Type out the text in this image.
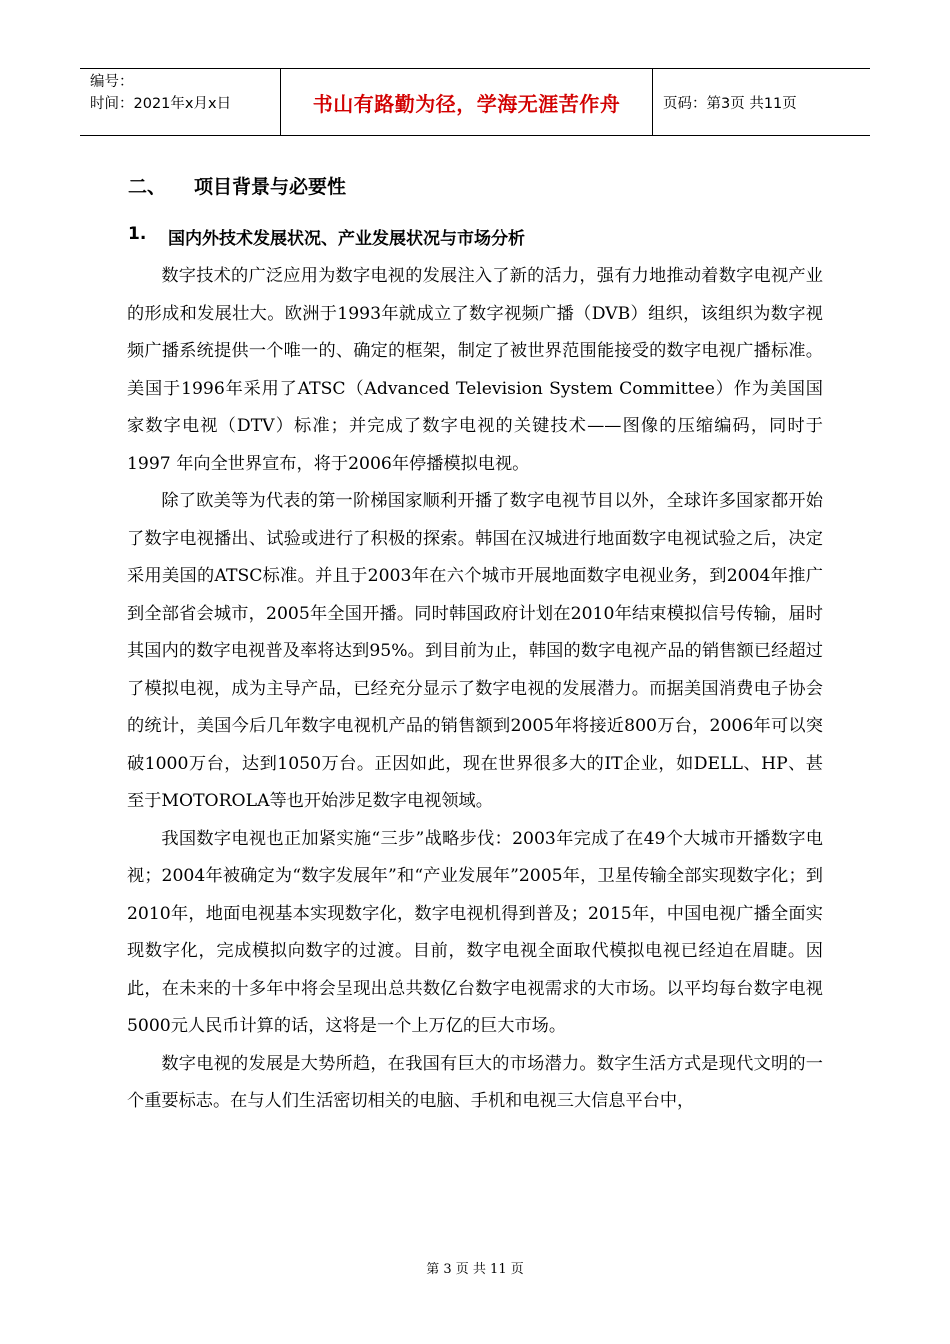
编号：
时间：2021年x月x日	书山有路勤为径，学海无涯苦作舟	页码：第3页 共11页
二、	项目背景与必要性
1.	国内外技术发展状况、产业发展状况与市场分析

数字技术的广泛应用为数字电视的发展注入了新的活力，强有力地推动着数字电视产业的形成和发展壮大。欧洲于1993年就成立了数字视频广播（DVB）组织，该组织为数字视频广播系统提供一个唯一的、确定的框架，制定了被世界范围能接受的数字电视广播标准。美国于1996年采用了ATSC（Advanced Television System Committee）作为美国国家数字电视（DTV）标准；并完成了数字电视的关键技术——图像的压缩编码，同时于1997 年向全世界宣布，将于2006年停播模拟电视。

除了欧美等为代表的第一阶梯国家顺利开播了数字电视节目以外，全球许多国家都开始了数字电视播出、试验或进行了积极的探索。韩国在汉城进行地面数字电视试验之后，决定采用美国的ATSC标准。并且于2003年在六个城市开展地面数字电视业务，到2004年推广到全部省会城市，2005年全国开播。同时韩国政府计划在2010年结束模拟信号传输，届时其国内的数字电视普及率将达到95%。到目前为止，韩国的数字电视产品的销售额已经超过了模拟电视，成为主导产品，已经充分显示了数字电视的发展潜力。而据美国消费电子协会的统计，美国今后几年数字电视机产品的销售额到2005年将接近800万台，2006年可以突破1000万台，达到1050万台。正因如此，现在世界很多大的IT企业，如DELL、HP、甚至于MOTOROLA等也开始涉足数字电视领域。

我国数字电视也正加紧实施“三步”战略步伐：2003年完成了在49个大城市开播数字电视；2004年被确定为“数字发展年”和“产业发展年”2005年，卫星传输全部实现数字化；到2010年，地面电视基本实现数字化，数字电视机得到普及；2015年，中国电视广播全面实现数字化，完成模拟向数字的过渡。目前，数字电视全面取代模拟电视已经迫在眉睫。因此，在未来的十多年中将会呈现出总共数亿台数字电视需求的大市场。以平均每台数字电视5000元人民币计算的话，这将是一个上万亿的巨大市场。

数字电视的发展是大势所趋，在我国有巨大的市场潜力。数字生活方式是现代文明的一个重要标志。在与人们生活密切相关的电脑、手机和电视三大信息平台中，

第 3 页 共 11 页
